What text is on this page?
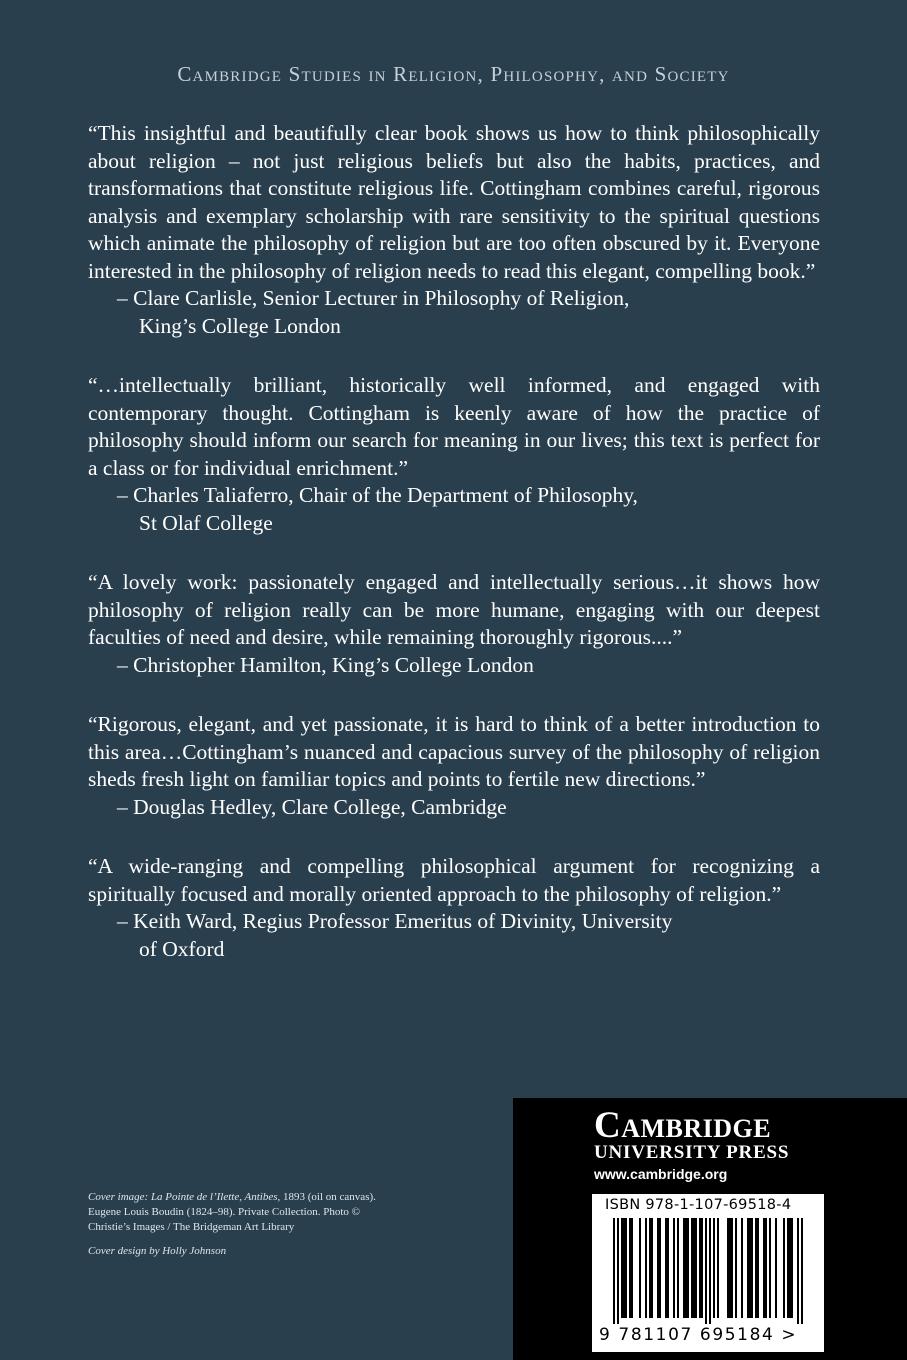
Cambridge Studies in Religion, Philosophy, and Society

“This insightful and beautifully clear book shows us how to think philosophically about religion – not just religious beliefs but also the habits, practices, and transformations that constitute religious life. Cottingham combines careful, rigorous analysis and exemplary scholarship with rare sensitivity to the spiritual questions which animate the philosophy of religion but are too often obscured by it. Everyone interested in the philosophy of religion needs to read this elegant, compelling book.”

– Clare Carlisle, Senior Lecturer in Philosophy of Religion,
King’s College London

“…intellectually brilliant, historically well informed, and engaged with contemporary thought. Cottingham is keenly aware of how the practice of philosophy should inform our search for meaning in our lives; this text is perfect for a class or for individual enrichment.”

– Charles Taliaferro, Chair of the Department of Philosophy,
St Olaf College

“A lovely work: passionately engaged and intellectually serious…it shows how philosophy of religion really can be more humane, engaging with our deepest faculties of need and desire, while remaining thoroughly rigorous....”

– Christopher Hamilton, King’s College London

“Rigorous, elegant, and yet passionate, it is hard to think of a better introduction to this area…Cottingham’s nuanced and capacious survey of the philosophy of religion sheds fresh light on familiar topics and points to fertile new directions.”

– Douglas Hedley, Clare College, Cambridge

“A wide-ranging and compelling philosophical argument for recognizing a spiritually focused and morally oriented approach to the philosophy of religion.”

– Keith Ward, Regius Professor Emeritus of Divinity, University
of Oxford

Cover image: La Pointe de l’Ilette, Antibes, 1893 (oil on canvas). Eugene Louis Boudin (1824–98). Private Collection. Photo © Christie’s Images / The Bridgeman Art Library

Cover design by Holly Johnson

Cambridge
UNIVERSITY PRESS
www.cambridge.org
ISBN 978-1-107-69518-4
9 781107 695184 >
